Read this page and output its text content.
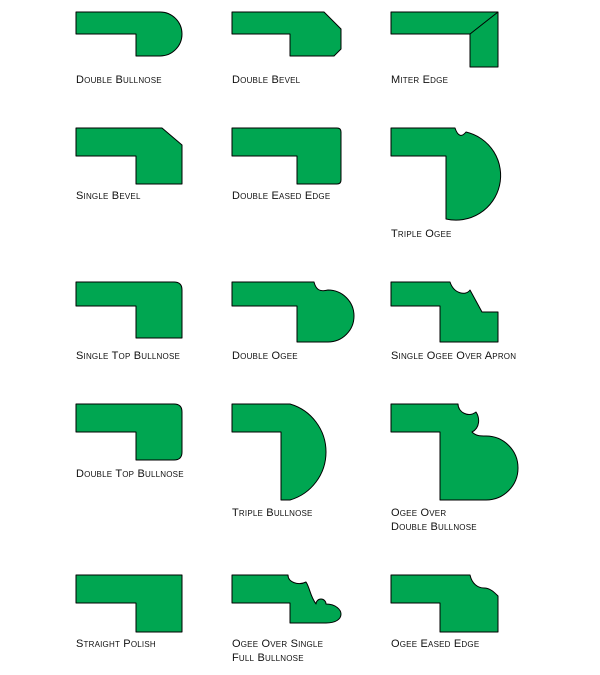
Double Bullnose	Double Bevel	Miter Edge
Single Bevel	Double Eased Edge
Triple Ogee
Single Top Bullnose	Double Ogee	Single Ogee Over Apron
Double Top Bullnose
Triple Bullnose	Ogee Over
Double Bullnose
Straight Polish	Ogee Over Single
Full Bullnose
Ogee Eased Edge
